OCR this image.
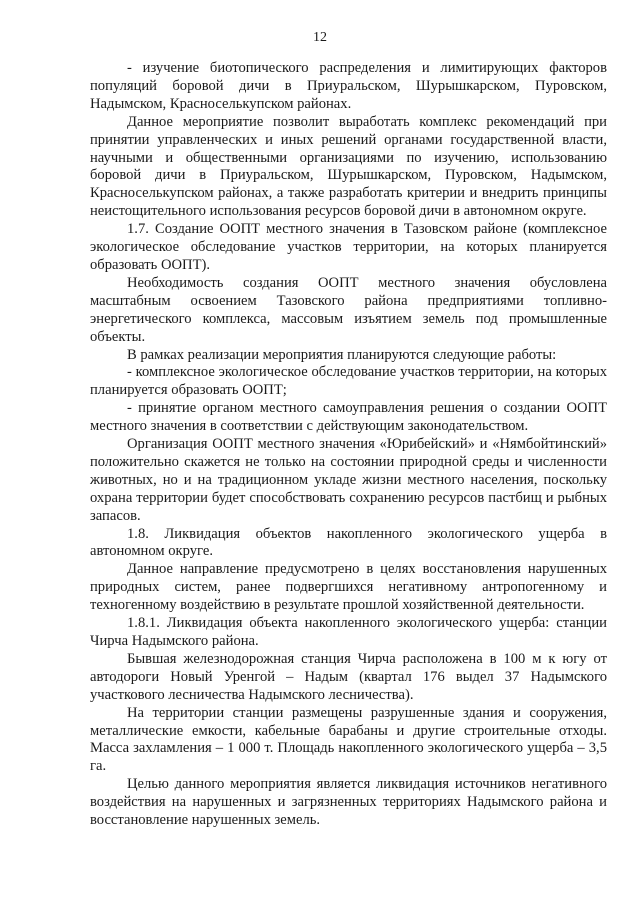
12

- изучение биотопического распределения и лимитирующих факторов популяций боровой дичи в Приуральском, Шурышкарском, Пуровском, Надымском, Красноселькупском районах.

Данное мероприятие позволит выработать комплекс рекомендаций при принятии управленческих и иных решений органами государственной власти, научными и общественными организациями по изучению, использованию боровой дичи в Приуральском, Шурышкарском, Пуровском, Надымском, Красноселькупском районах, а также разработать критерии и внедрить принципы неистощительного использования ресурсов боровой дичи в автономном округе.

1.7. Создание ООПТ местного значения в Тазовском районе (комплексное экологическое обследование участков территории, на которых планируется образовать ООПТ).

Необходимость создания ООПТ местного значения обусловлена масштабным освоением Тазовского района предприятиями топливно-энергетического комплекса, массовым изъятием земель под промышленные объекты.

В рамках реализации мероприятия планируются следующие работы:

- комплексное экологическое обследование участков территории, на которых планируется образовать ООПТ;

- принятие органом местного самоуправления решения о создании ООПТ местного значения в соответствии с действующим законодательством.

Организация ООПТ местного значения «Юрибейский» и «Нямбойтинский» положительно скажется не только на состоянии природной среды и численности животных, но и на традиционном укладе жизни местного населения, поскольку охрана территории будет способствовать сохранению ресурсов пастбищ и рыбных запасов.

1.8. Ликвидация объектов накопленного экологического ущерба в автономном округе.

Данное направление предусмотрено в целях восстановления нарушенных природных систем, ранее подвергшихся негативному антропогенному и техногенному воздействию в результате прошлой хозяйственной деятельности.

1.8.1. Ликвидация объекта накопленного экологического ущерба: станции Чирча Надымского района.

Бывшая железнодорожная станция Чирча расположена в 100 м к югу от автодороги Новый Уренгой – Надым (квартал 176 выдел 37 Надымского участкового лесничества Надымского лесничества).

На территории станции размещены разрушенные здания и сооружения, металлические емкости, кабельные барабаны и другие строительные отходы. Масса захламления – 1 000 т. Площадь накопленного экологического ущерба – 3,5 га.

Целью данного мероприятия является ликвидация источников негативного воздействия на нарушенных и загрязненных территориях Надымского района и восстановление нарушенных земель.
